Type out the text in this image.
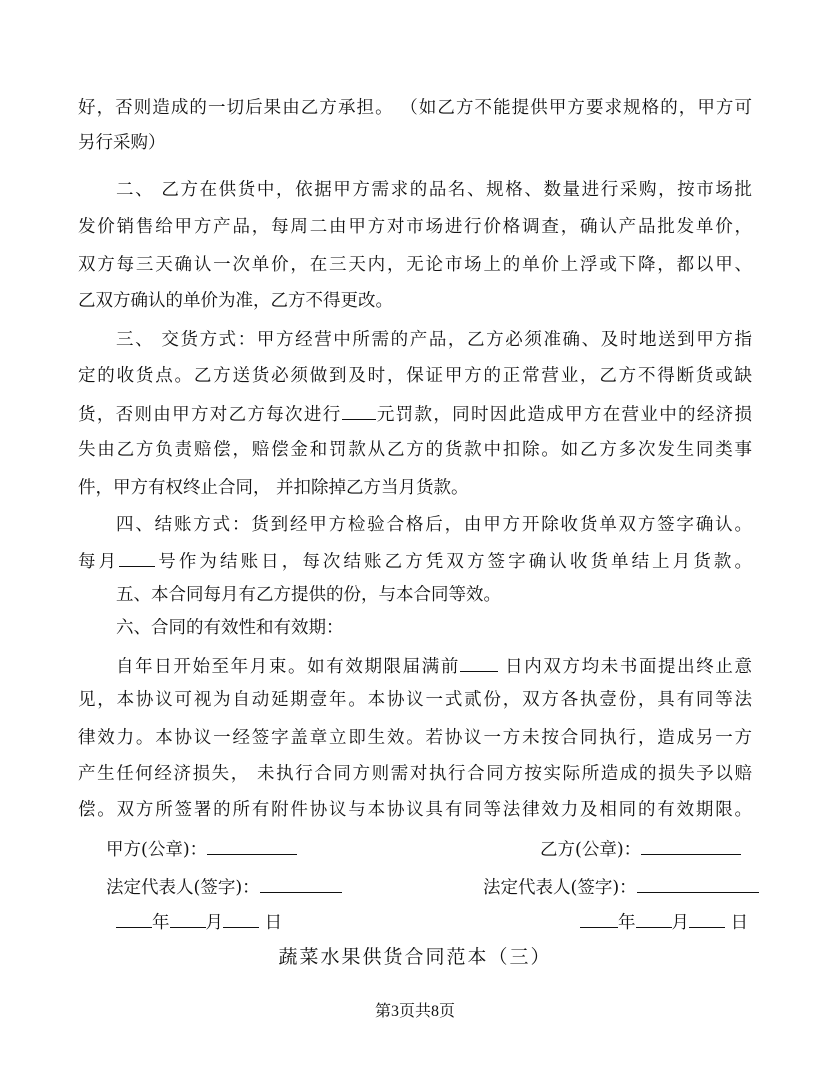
好，否则造成的一切后果由乙方承担。 （如乙方不能提供甲方要求规格的，甲方可
另行采购）
二、 乙方在供货中，依据甲方需求的品名、规格、数量进行采购，按市场批
发价销售给甲方产品，每周二由甲方对市场进行价格调查，确认产品批发单价，
双方每三天确认一次单价，在三天内，无论市场上的单价上浮或下降，都以甲、
乙双方确认的单价为准，乙方不得更改。
三、 交货方式：甲方经营中所需的产品，乙方必须准确、及时地送到甲方指
定的收货点。乙方送货必须做到及时，保证甲方的正常营业，乙方不得断货或缺
货，否则由甲方对乙方每次进行 元罚款，同时因此造成甲方在营业中的经济损
失由乙方负责赔偿，赔偿金和罚款从乙方的货款中扣除。如乙方多次发生同类事
件，甲方有权终止合同， 并扣除掉乙方当月货款。
四、结账方式：货到经甲方检验合格后，由甲方开除收货单双方签字确认。
每月 号作为结账日，每次结账乙方凭双方签字确认收货单结上月货款。
五、本合同每月有乙方提供的份，与本合同等效。
六、合同的有效性和有效期：
自年日开始至年月束。如有效期限届满前 日内双方均未书面提出终止意
见，本协议可视为自动延期壹年。本协议一式贰份，双方各执壹份，具有同等法
律效力。本协议一经签字盖章立即生效。若协议一方未按合同执行，造成另一方
产生任何经济损失， 未执行合同方则需对执行合同方按实际所造成的损失予以赔
偿。双方所签署的所有附件协议与本协议具有同等法律效力及相同的有效期限。
甲方(公章)：	乙方(公章)：
法定代表人(签字)：	法定代表人(签字)：
年 月 日	年 月 日
蔬菜水果供货合同范本（三）
第3页共8页
